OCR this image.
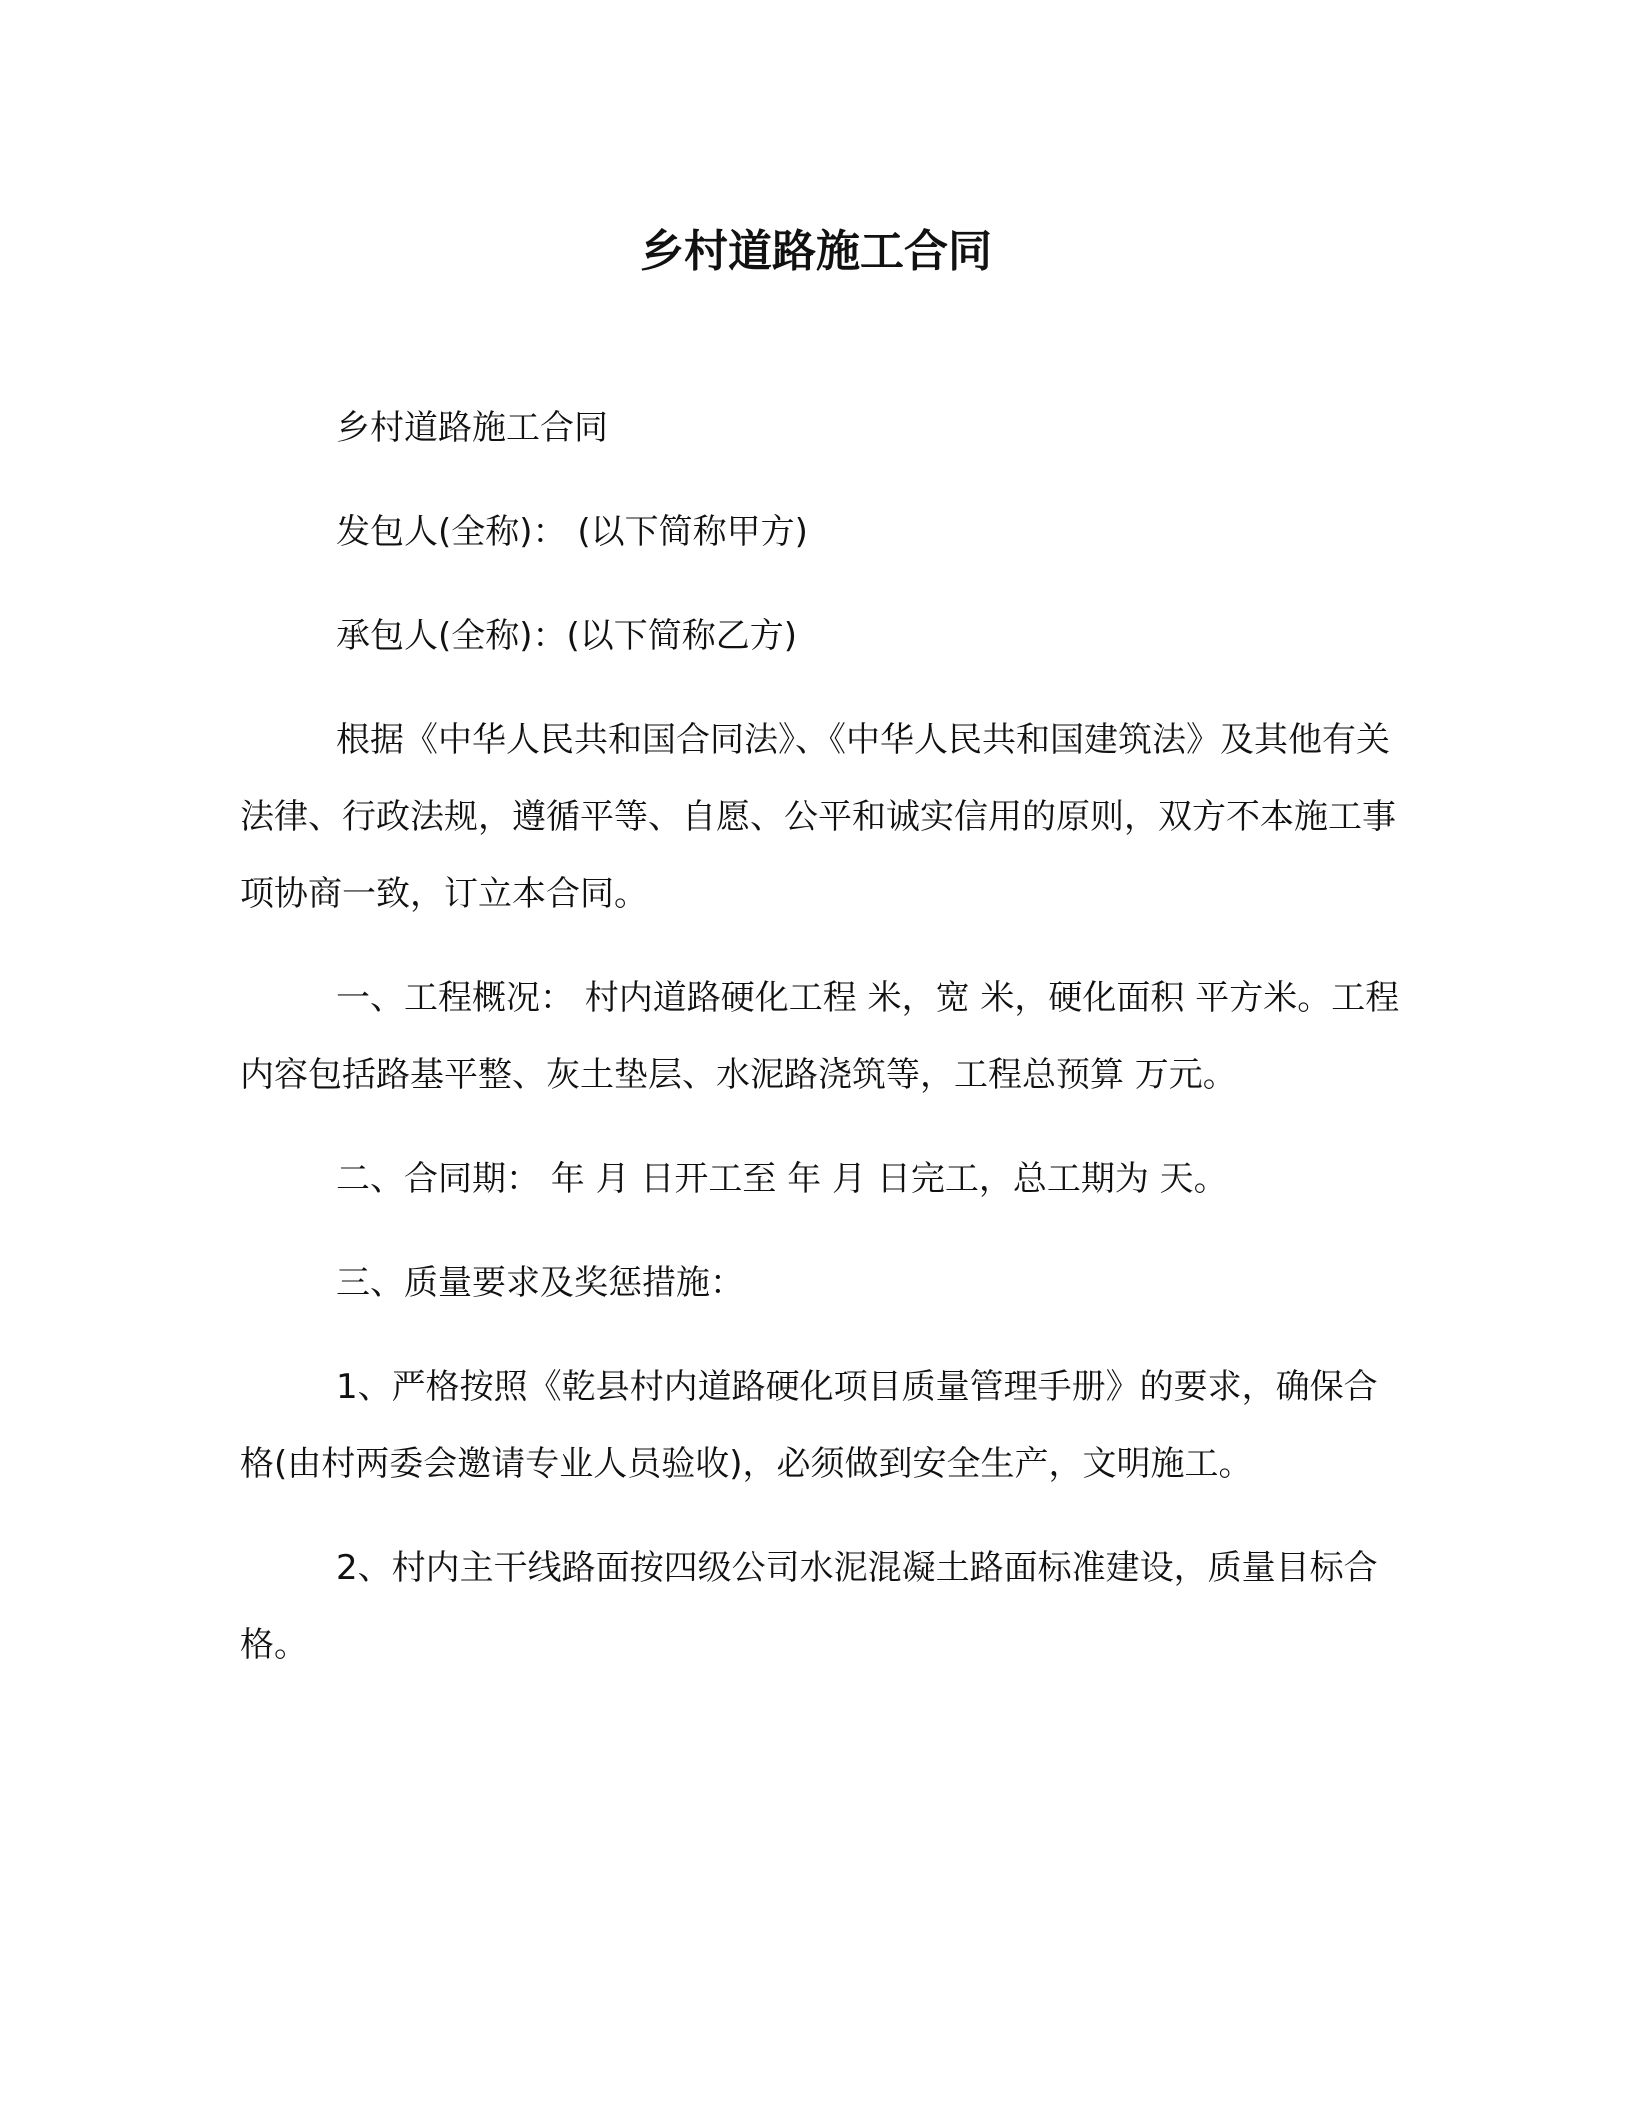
乡村道路施工合同

乡村道路施工合同

发包人(全称)： (以下简称甲方)

承包人(全称)：(以下简称乙方)

根据《中华人民共和国合同法》、《中华人民共和国建筑法》及其他有关法律、行政法规，遵循平等、自愿、公平和诚实信用的原则，双方不本施工事项协商一致，订立本合同。

一、工程概况： 村内道路硬化工程 米，宽 米，硬化面积 平方米。工程内容包括路基平整、灰土垫层、水泥路浇筑等，工程总预算 万元。

二、合同期： 年 月 日开工至 年 月 日完工，总工期为 天。

三、质量要求及奖惩措施：

1、严格按照《乾县村内道路硬化项目质量管理手册》的要求，确保合格(由村两委会邀请专业人员验收)，必须做到安全生产，文明施工。

2、村内主干线路面按四级公司水泥混凝土路面标准建设，质量目标合格。
